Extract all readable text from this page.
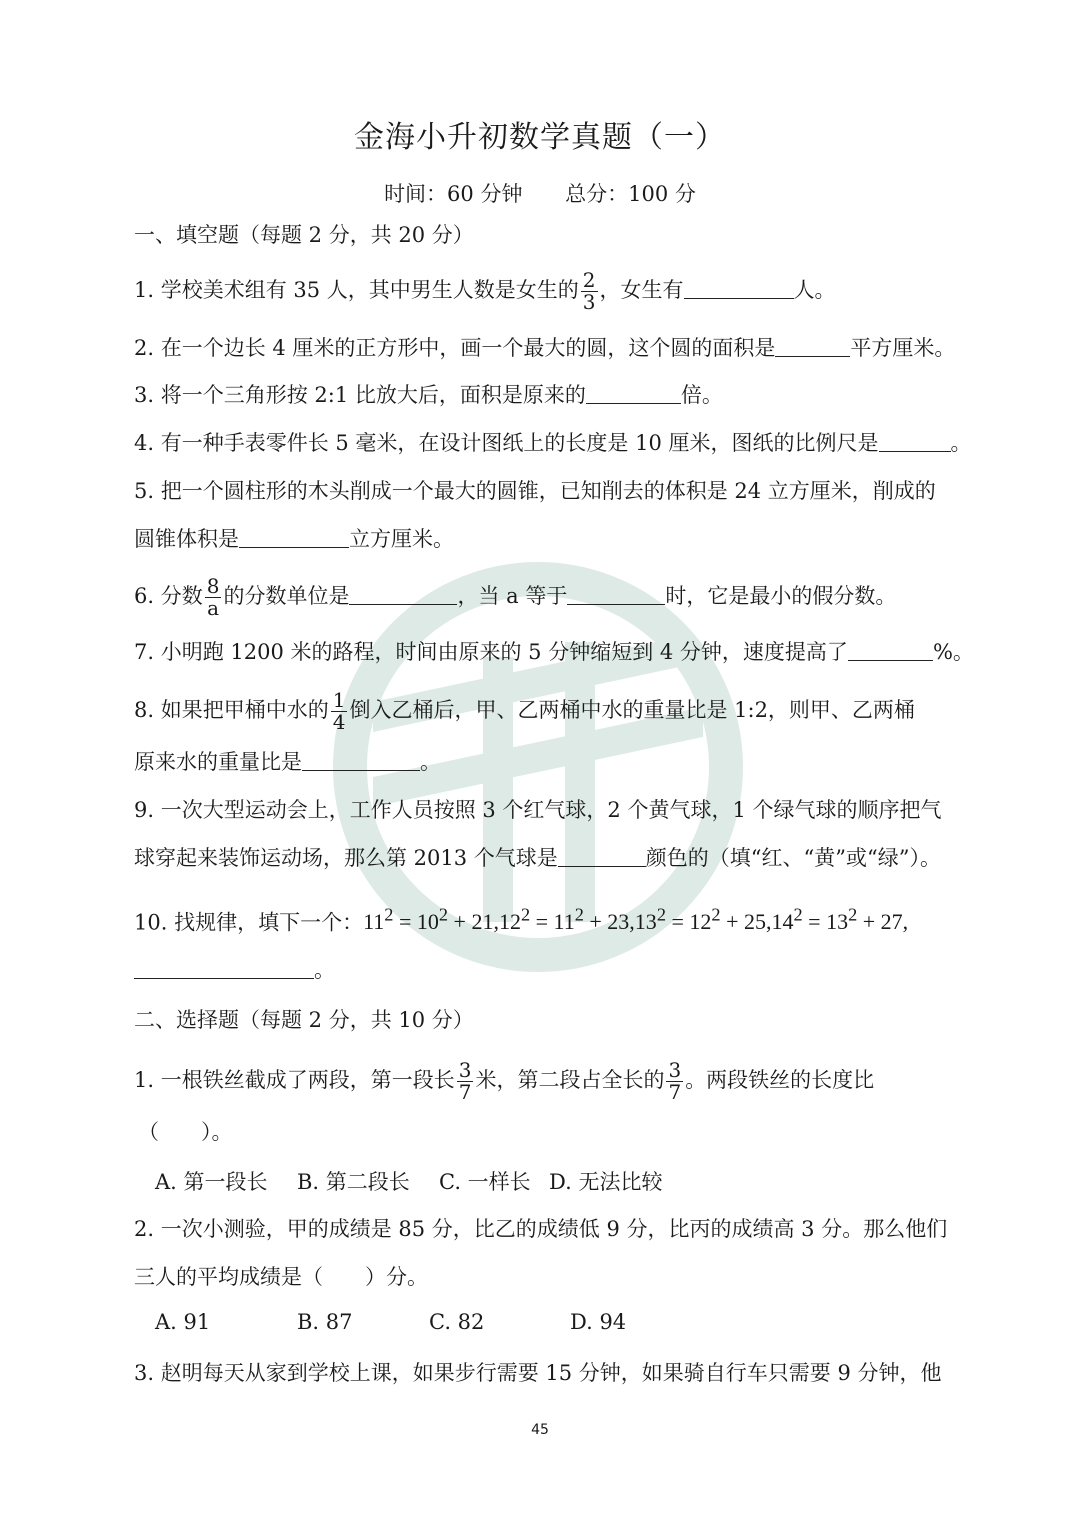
金海小升初数学真题（一）
时间：60 分钟 总分：100 分
一、填空题（每题 2 分，共 20 分）
1. 学校美术组有 35 人，其中男生人数是女生的 $\frac{2}{3}$ ，女生有	人。
2. 在一个边长 4 厘米的正方形中，画一个最大的圆，这个圆的面积是	平方厘米。
3. 将一个三角形按 2:1 比放大后，面积是原来的	倍。
4. 有一种手表零件长 5 毫米，在设计图纸上的长度是 10 厘米，图纸的比例尺是	。
5. 把一个圆柱形的木头削成一个最大的圆锥，已知削去的体积是 24 立方厘米，削成的
圆锥体积是	立方厘米。
6. 分数 $\frac{8}{a}$ 的分数单位是	，当 a 等于	时，它是最小的假分数。
7. 小明跑 1200 米的路程，时间由原来的 5 分钟缩短到 4 分钟，速度提高了	%。
8. 如果把甲桶中水的 $\frac{1}{4}$ 倒入乙桶后，甲、乙两桶中水的重量比是 1:2，则甲、乙两桶
原来水的重量比是	。
9. 一次大型运动会上，工作人员按照 3 个红气球，2 个黄气球，1 个绿气球的顺序把气
球穿起来装饰运动场，那么第 2013 个气球是	颜色的（填“红、“黄”或“绿”）。
10. 找规律，填下一个：$11^2 = 10^2 + 21,12^2 = 11^2 + 23,13^2 = 12^2 + 25,14^2 = 13^2 + 27$,
。
二、选择题（每题 2 分，共 10 分）
1. 一根铁丝截成了两段，第一段长 $\frac{3}{7}$ 米，第二段占全长的 $\frac{3}{7}$ 。两段铁丝的长度比
（　　）。
A. 第一段长 B. 第二段长 C. 一样长 D. 无法比较
2. 一次小测验，甲的成绩是 85 分，比乙的成绩低 9 分，比丙的成绩高 3 分。那么他们
三人的平均成绩是（　　）分。
A. 91	B. 87	C. 82	D. 94
3. 赵明每天从家到学校上课，如果步行需要 15 分钟，如果骑自行车只需要 9 分钟，他
45
